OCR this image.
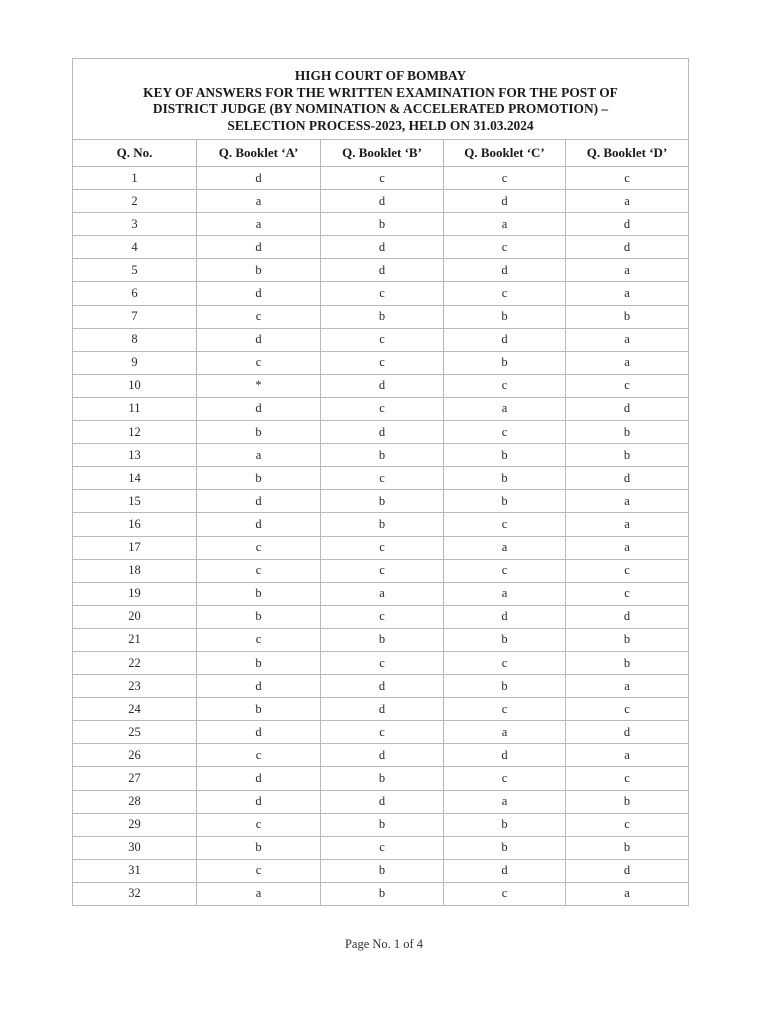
HIGH COURT OF BOMBAY
KEY OF ANSWERS FOR THE WRITTEN EXAMINATION FOR THE POST OF
DISTRICT JUDGE (BY NOMINATION & ACCELERATED PROMOTION) –
SELECTION PROCESS-2023, HELD ON 31.03.2024				

Q. No.	Q. Booklet ‘A’	Q. Booklet ‘B’	Q. Booklet ‘C’	Q. Booklet ‘D’
1	d	c	c	c
2	a	d	d	a
3	a	b	a	d
4	d	d	c	d
5	b	d	d	a
6	d	c	c	a
7	c	b	b	b
8	d	c	d	a
9	c	c	b	a
10	*	d	c	c
11	d	c	a	d
12	b	d	c	b
13	a	b	b	b
14	b	c	b	d
15	d	b	b	a
16	d	b	c	a
17	c	c	a	a
18	c	c	c	c
19	b	a	a	c
20	b	c	d	d
21	c	b	b	b
22	b	c	c	b
23	d	d	b	a
24	b	d	c	c
25	d	c	a	d
26	c	d	d	a
27	d	b	c	c
28	d	d	a	b
29	c	b	b	c
30	b	c	b	b
31	c	b	d	d
32	a	b	c	a
Page No. 1 of 4
